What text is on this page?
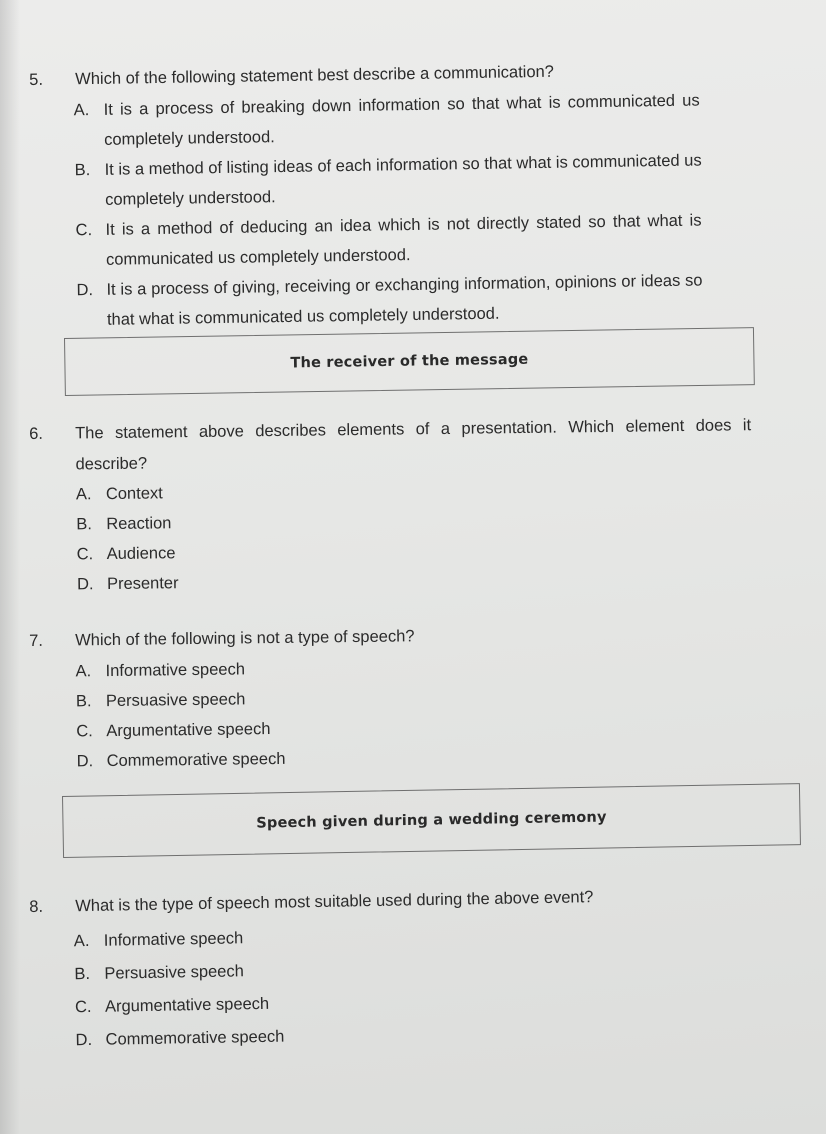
5. Which of the following statement best describe a communication?
A. It is a process of breaking down information so that what is communicated us
completely understood.
B. It is a method of listing ideas of each information so that what is communicated us
completely understood.
C. It is a method of deducing an idea which is not directly stated so that what is
communicated us completely understood.
D. It is a process of giving, receiving or exchanging information, opinions or ideas so
that what is communicated us completely understood.
The receiver of the message
6. The statement above describes elements of a presentation. Which element does it
describe?
A. Context
B. Reaction
C. Audience
D. Presenter
7. Which of the following is not a type of speech?
A. Informative speech
B. Persuasive speech
C. Argumentative speech
D. Commemorative speech
Speech given during a wedding ceremony
8. What is the type of speech most suitable used during the above event?
A. Informative speech
B. Persuasive speech
C. Argumentative speech
D. Commemorative speech
